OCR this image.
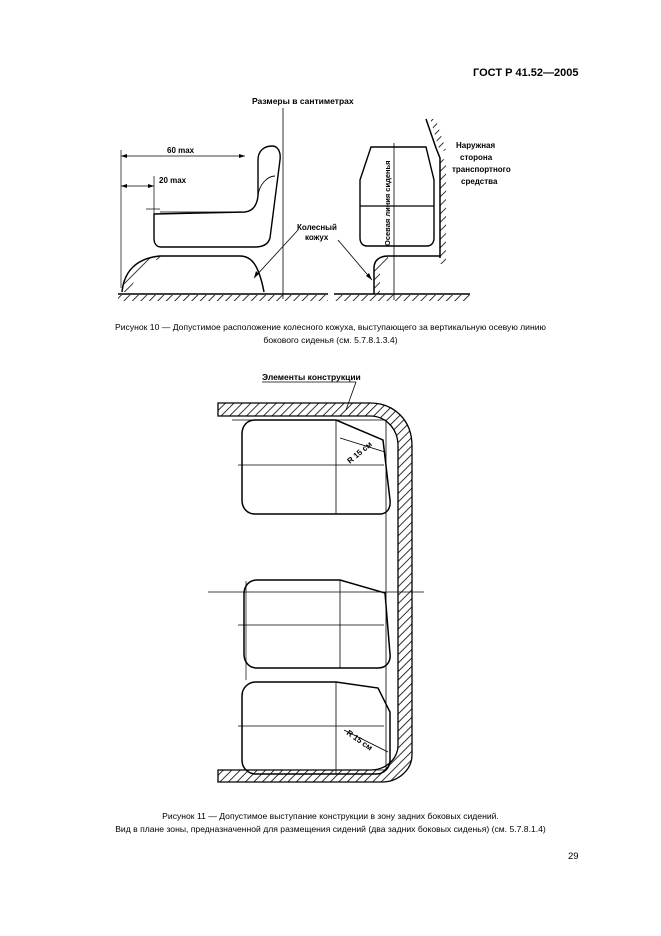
ГОСТ Р 41.52—2005
Размеры в сантиметрах
60 max
20 max
Колесный
кожух	Осевая линия сиденья
Наружная
сторона
транспортного
средства
Рисунок 10 — Допустимое расположение колесного кожуха, выступающего за вертикальную осевую линию
бокового сиденья (см. 5.7.8.1.3.4)
Элементы конструкции
R 15 см
R 15 см
Рисунок 11 — Допустимое выступание конструкции в зону задних боковых сидений.
Вид в плане зоны, предназначенной для размещения сидений (два задних боковых сиденья) (см. 5.7.8.1.4)
29
